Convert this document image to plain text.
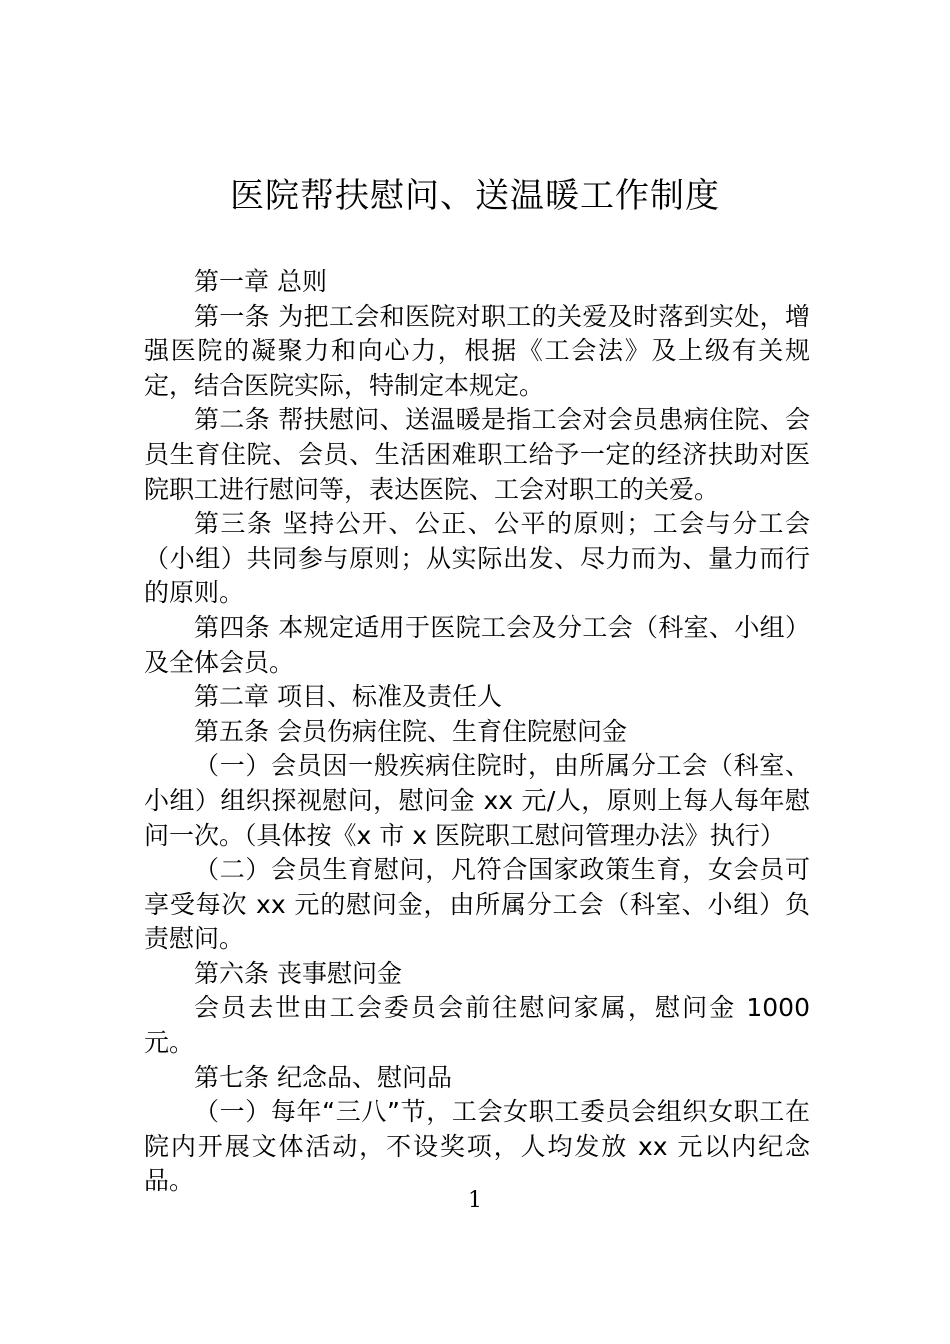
医院帮扶慰问、送温暖工作制度

第一章 总则

第一条 为把工会和医院对职工的关爱及时落到实处，增强医院的凝聚力和向心力，根据《工会法》及上级有关规定，结合医院实际，特制定本规定。

第二条 帮扶慰问、送温暖是指工会对会员患病住院、会员生育住院、会员、生活困难职工给予一定的经济扶助对医院职工进行慰问等，表达医院、工会对职工的关爱。

第三条 坚持公开、公正、公平的原则；工会与分工会（小组）共同参与原则；从实际出发、尽力而为、量力而行的原则。

第四条 本规定适用于医院工会及分工会（科室、小组）及全体会员。

第二章 项目、标准及责任人

第五条 会员伤病住院、生育住院慰问金

（一）会员因一般疾病住院时，由所属分工会（科室、小组）组织探视慰问，慰问金 xx 元/人，原则上每人每年慰问一次。（具体按《x 市 x 医院职工慰问管理办法》执行）

（二）会员生育慰问，凡符合国家政策生育，女会员可享受每次 xx 元的慰问金，由所属分工会（科室、小组）负责慰问。

第六条 丧事慰问金

会员去世由工会委员会前往慰问家属，慰问金 1000 元。

第七条 纪念品、慰问品

（一）每年“三八”节，工会女职工委员会组织女职工在院内开展文体活动，不设奖项，人均发放 xx 元以内纪念品。

1
